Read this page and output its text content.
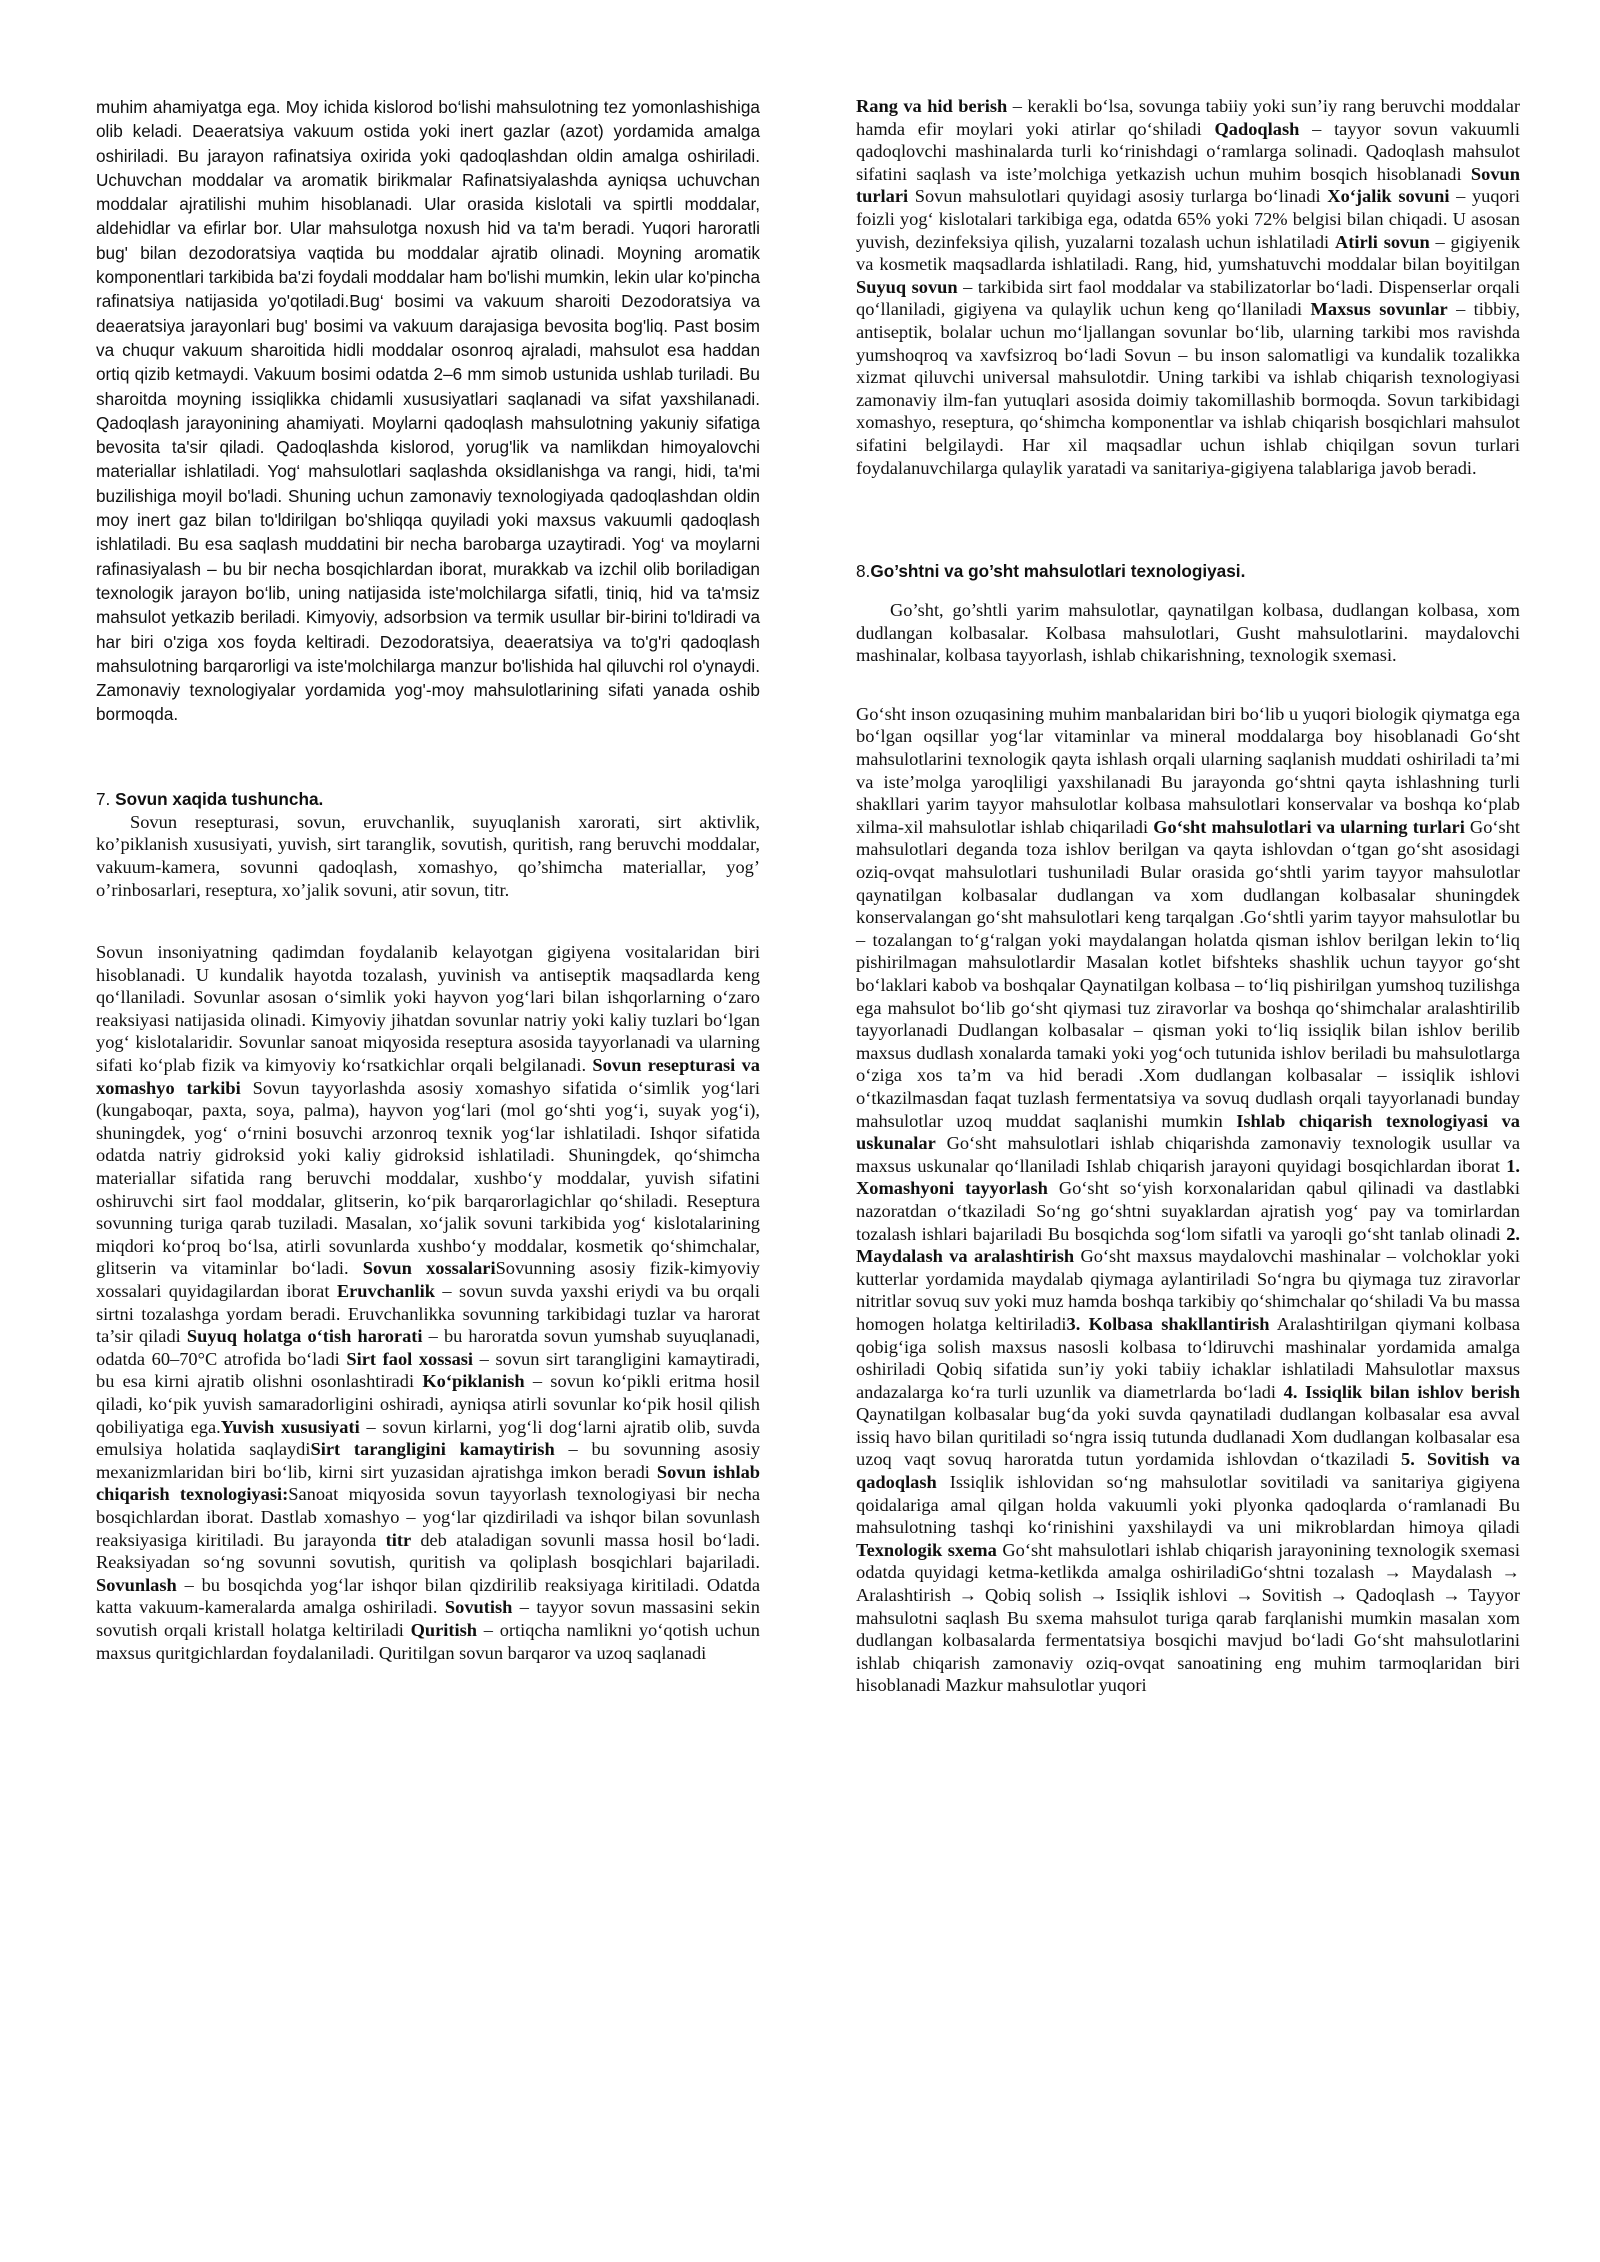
muhim ahamiyatga ega. Moy ichida kislorod bo‘lishi mahsulotning tez yomonlashishiga olib keladi. Deaeratsiya vakuum ostida yoki inert gazlar (azot) yordamida amalga oshiriladi. Bu jarayon rafinatsiya oxirida yoki qadoqlashdan oldin amalga oshiriladi. Uchuvchan moddalar va aromatik birikmalar Rafinatsiyalashda ayniqsa uchuvchan moddalar ajratilishi muhim hisoblanadi. Ular orasida kislotali va spirtli moddalar, aldehidlar va efirlar bor. Ular mahsulotga noxush hid va ta'm beradi. Yuqori haroratli bug' bilan dezodoratsiya vaqtida bu moddalar ajratib olinadi. Moyning aromatik komponentlari tarkibida ba'zi foydali moddalar ham bo'lishi mumkin, lekin ular ko'pincha rafinatsiya natijasida yo'qotiladi.Bug‘ bosimi va vakuum sharoiti Dezodoratsiya va deaeratsiya jarayonlari bug' bosimi va vakuum darajasiga bevosita bog'liq. Past bosim va chuqur vakuum sharoitida hidli moddalar osonroq ajraladi, mahsulot esa haddan ortiq qizib ketmaydi. Vakuum bosimi odatda 2–6 mm simob ustunida ushlab turiladi. Bu sharoitda moyning issiqlikka chidamli xususiyatlari saqlanadi va sifat yaxshilanadi. Qadoqlash jarayonining ahamiyati. Moylarni qadoqlash mahsulotning yakuniy sifatiga bevosita ta'sir qiladi. Qadoqlashda kislorod, yorug'lik va namlikdan himoyalovchi materiallar ishlatiladi. Yog‘ mahsulotlari saqlashda oksidlanishga va rangi, hidi, ta'mi buzilishiga moyil bo'ladi. Shuning uchun zamonaviy texnologiyada qadoqlashdan oldin moy inert gaz bilan to'ldirilgan bo'shliqqa quyiladi yoki maxsus vakuumli qadoqlash ishlatiladi. Bu esa saqlash muddatini bir necha barobarga uzaytiradi. Yog‘ va moylarni rafinasiyalash – bu bir necha bosqichlardan iborat, murakkab va izchil olib boriladigan texnologik jarayon bo‘lib, uning natijasida iste'molchilarga sifatli, tiniq, hid va ta'msiz mahsulot yetkazib beriladi. Kimyoviy, adsorbsion va termik usullar bir-birini to'ldiradi va har biri o'ziga xos foyda keltiradi. Dezodoratsiya, deaeratsiya va to'g'ri qadoqlash mahsulotning barqarorligi va iste'molchilarga manzur bo'lishida hal qiluvchi rol o'ynaydi. Zamonaviy texnologiyalar yordamida yog'-moy mahsulotlarining sifati yanada oshib bormoqda.

7. Sovun xaqida tushuncha.

Sovun resepturasi, sovun, eruvchanlik, suyuqlanish xarorati, sirt aktivlik, ko’piklanish xususiyati, yuvish, sirt taranglik, sovutish, quritish, rang beruvchi moddalar, vakuum-kamera, sovunni qadoqlash, xomashyo, qo’shimcha materiallar, yog’ o’rinbosarlari, reseptura, xo’jalik sovuni, atir sovun, titr.

Sovun insoniyatning qadimdan foydalanib kelayotgan gigiyena vositalaridan biri hisoblanadi. U kundalik hayotda tozalash, yuvinish va antiseptik maqsadlarda keng qo‘llaniladi. Sovunlar asosan o‘simlik yoki hayvon yog‘lari bilan ishqorlarning o‘zaro reaksiyasi natijasida olinadi. Kimyoviy jihatdan sovunlar natriy yoki kaliy tuzlari bo‘lgan yog‘ kislotalaridir. Sovunlar sanoat miqyosida reseptura asosida tayyorlanadi va ularning sifati ko‘plab fizik va kimyoviy ko‘rsatkichlar orqali belgilanadi. Sovun resepturasi va xomashyo tarkibi Sovun tayyorlashda asosiy xomashyo sifatida o‘simlik yog‘lari (kungaboqar, paxta, soya, palma), hayvon yog‘lari (mol go‘shti yog‘i, suyak yog‘i), shuningdek, yog‘ o‘rnini bosuvchi arzonroq texnik yog‘lar ishlatiladi. Ishqor sifatida odatda natriy gidroksid yoki kaliy gidroksid ishlatiladi. Shuningdek, qo‘shimcha materiallar sifatida rang beruvchi moddalar, xushbo‘y moddalar, yuvish sifatini oshiruvchi sirt faol moddalar, glitserin, ko‘pik barqarorlagichlar qo‘shiladi. Reseptura sovunning turiga qarab tuziladi. Masalan, xo‘jalik sovuni tarkibida yog‘ kislotalarining miqdori ko‘proq bo‘lsa, atirli sovunlarda xushbo‘y moddalar, kosmetik qo‘shimchalar, glitserin va vitaminlar bo‘ladi. Sovun xossalariSovunning asosiy fizik-kimyoviy xossalari quyidagilardan iborat Eruvchanlik – sovun suvda yaxshi eriydi va bu orqali sirtni tozalashga yordam beradi. Eruvchanlikka sovunning tarkibidagi tuzlar va harorat ta’sir qiladi Suyuq holatga o‘tish harorati – bu haroratda sovun yumshab suyuqlanadi, odatda 60–70°C atrofida bo‘ladi Sirt faol xossasi – sovun sirt tarangligini kamaytiradi, bu esa kirni ajratib olishni osonlashtiradi Ko‘piklanish – sovun ko‘pikli eritma hosil qiladi, ko‘pik yuvish samaradorligini oshiradi, ayniqsa atirli sovunlar ko‘pik hosil qilish qobiliyatiga ega.Yuvish xususiyati – sovun kirlarni, yog‘li dog‘larni ajratib olib, suvda emulsiya holatida saqlaydiSirt tarangligini kamaytirish – bu sovunning asosiy mexanizmlaridan biri bo‘lib, kirni sirt yuzasidan ajratishga imkon beradi Sovun ishlab chiqarish texnologiyasi:Sanoat miqyosida sovun tayyorlash texnologiyasi bir necha bosqichlardan iborat. Dastlab xomashyo – yog‘lar qizdiriladi va ishqor bilan sovunlash reaksiyasiga kiritiladi. Bu jarayonda titr deb ataladigan sovunli massa hosil bo‘ladi. Reaksiyadan so‘ng sovunni sovutish, quritish va qoliplash bosqichlari bajariladi. Sovunlash – bu bosqichda yog‘lar ishqor bilan qizdirilib reaksiyaga kiritiladi. Odatda katta vakuum-kameralarda amalga oshiriladi. Sovutish – tayyor sovun massasini sekin sovutish orqali kristall holatga keltiriladi Quritish – ortiqcha namlikni yo‘qotish uchun maxsus quritgichlardan foydalaniladi. Quritilgan sovun barqaror va uzoq saqlanadi

Rang va hid berish – kerakli bo‘lsa, sovunga tabiiy yoki sun’iy rang beruvchi moddalar hamda efir moylari yoki atirlar qo‘shiladi Qadoqlash – tayyor sovun vakuumli qadoqlovchi mashinalarda turli ko‘rinishdagi o‘ramlarga solinadi. Qadoqlash mahsulot sifatini saqlash va iste’molchiga yetkazish uchun muhim bosqich hisoblanadi Sovun turlari Sovun mahsulotlari quyidagi asosiy turlarga bo‘linadi Xo‘jalik sovuni – yuqori foizli yog‘ kislotalari tarkibiga ega, odatda 65% yoki 72% belgisi bilan chiqadi. U asosan yuvish, dezinfeksiya qilish, yuzalarni tozalash uchun ishlatiladi Atirli sovun – gigiyenik va kosmetik maqsadlarda ishlatiladi. Rang, hid, yumshatuvchi moddalar bilan boyitilgan Suyuq sovun – tarkibida sirt faol moddalar va stabilizatorlar bo‘ladi. Dispenserlar orqali qo‘llaniladi, gigiyena va qulaylik uchun keng qo‘llaniladi Maxsus sovunlar – tibbiy, antiseptik, bolalar uchun mo‘ljallangan sovunlar bo‘lib, ularning tarkibi mos ravishda yumshoqroq va xavfsizroq bo‘ladi Sovun – bu inson salomatligi va kundalik tozalikka xizmat qiluvchi universal mahsulotdir. Uning tarkibi va ishlab chiqarish texnologiyasi zamonaviy ilm-fan yutuqlari asosida doimiy takomillashib bormoqda. Sovun tarkibidagi xomashyo, reseptura, qo‘shimcha komponentlar va ishlab chiqarish bosqichlari mahsulot sifatini belgilaydi. Har xil maqsadlar uchun ishlab chiqilgan sovun turlari foydalanuvchilarga qulaylik yaratadi va sanitariya-gigiyena talablariga javob beradi.

8.Go’shtni va go’sht mahsulotlari texnologiyasi.

Go’sht, go’shtli yarim mahsulotlar, qaynatilgan kolbasa, dudlangan kolbasa, xom dudlangan kolbasalar. Kolbasa mahsulotlari, Gusht mahsulotlarini. maydalovchi mashinalar, kolbasa tayyorlash, ishlab chikarishning, texnologik sxemasi.

Go‘sht inson ozuqasining muhim manbalaridan biri bo‘lib u yuqori biologik qiymatga ega bo‘lgan oqsillar yog‘lar vitaminlar va mineral moddalarga boy hisoblanadi Go‘sht mahsulotlarini texnologik qayta ishlash orqali ularning saqlanish muddati oshiriladi ta’mi va iste’molga yaroqliligi yaxshilanadi Bu jarayonda go‘shtni qayta ishlashning turli shakllari yarim tayyor mahsulotlar kolbasa mahsulotlari konservalar va boshqa ko‘plab xilma-xil mahsulotlar ishlab chiqariladi Go‘sht mahsulotlari va ularning turlari Go‘sht mahsulotlari deganda toza ishlov berilgan va qayta ishlovdan o‘tgan go‘sht asosidagi oziq-ovqat mahsulotlari tushuniladi Bular orasida go‘shtli yarim tayyor mahsulotlar qaynatilgan kolbasalar dudlangan va xom dudlangan kolbasalar shuningdek konservalangan go‘sht mahsulotlari keng tarqalgan .Go‘shtli yarim tayyor mahsulotlar bu – tozalangan to‘g‘ralgan yoki maydalangan holatda qisman ishlov berilgan lekin to‘liq pishirilmagan mahsulotlardir Masalan kotlet bifshteks shashlik uchun tayyor go‘sht bo‘laklari kabob va boshqalar Qaynatilgan kolbasa – to‘liq pishirilgan yumshoq tuzilishga ega mahsulot bo‘lib go‘sht qiymasi tuz ziravorlar va boshqa qo‘shimchalar aralashtirilib tayyorlanadi Dudlangan kolbasalar – qisman yoki to‘liq issiqlik bilan ishlov berilib maxsus dudlash xonalarda tamaki yoki yog‘och tutunida ishlov beriladi bu mahsulotlarga o‘ziga xos ta’m va hid beradi .Xom dudlangan kolbasalar – issiqlik ishlovi o‘tkazilmasdan faqat tuzlash fermentatsiya va sovuq dudlash orqali tayyorlanadi bunday mahsulotlar uzoq muddat saqlanishi mumkin Ishlab chiqarish texnologiyasi va uskunalar Go‘sht mahsulotlari ishlab chiqarishda zamonaviy texnologik usullar va maxsus uskunalar qo‘llaniladi Ishlab chiqarish jarayoni quyidagi bosqichlardan iborat 1. Xomashyoni tayyorlash Go‘sht so‘yish korxonalaridan qabul qilinadi va dastlabki nazoratdan o‘tkaziladi So‘ng go‘shtni suyaklardan ajratish yog‘ pay va tomirlardan tozalash ishlari bajariladi Bu bosqichda sog‘lom sifatli va yaroqli go‘sht tanlab olinadi 2. Maydalash va aralashtirish Go‘sht maxsus maydalovchi mashinalar – volchoklar yoki kutterlar yordamida maydalab qiymaga aylantiriladi So‘ngra bu qiymaga tuz ziravorlar nitritlar sovuq suv yoki muz hamda boshqa tarkibiy qo‘shimchalar qo‘shiladi Va bu massa homogen holatga keltiriladi3. Kolbasa shakllantirish Aralashtirilgan qiymani kolbasa qobig‘iga solish maxsus nasosli kolbasa to‘ldiruvchi mashinalar yordamida amalga oshiriladi Qobiq sifatida sun’iy yoki tabiiy ichaklar ishlatiladi Mahsulotlar maxsus andazalarga ko‘ra turli uzunlik va diametrlarda bo‘ladi 4. Issiqlik bilan ishlov berish Qaynatilgan kolbasalar bug‘da yoki suvda qaynatiladi dudlangan kolbasalar esa avval issiq havo bilan quritiladi so‘ngra issiq tutunda dudlanadi Xom dudlangan kolbasalar esa uzoq vaqt sovuq haroratda tutun yordamida ishlovdan o‘tkaziladi 5. Sovitish va qadoqlash Issiqlik ishlovidan so‘ng mahsulotlar sovitiladi va sanitariya gigiyena qoidalariga amal qilgan holda vakuumli yoki plyonka qadoqlarda o‘ramlanadi Bu mahsulotning tashqi ko‘rinishini yaxshilaydi va uni mikroblardan himoya qiladi Texnologik sxema Go‘sht mahsulotlari ishlab chiqarish jarayonining texnologik sxemasi odatda quyidagi ketma-ketlikda amalga oshiriladiGo‘shtni tozalash → Maydalash → Aralashtirish → Qobiq solish → Issiqlik ishlovi → Sovitish → Qadoqlash → Tayyor mahsulotni saqlash Bu sxema mahsulot turiga qarab farqlanishi mumkin masalan xom dudlangan kolbasalarda fermentatsiya bosqichi mavjud bo‘ladi Go‘sht mahsulotlarini ishlab chiqarish zamonaviy oziq-ovqat sanoatining eng muhim tarmoqlaridan biri hisoblanadi Mazkur mahsulotlar yuqori
